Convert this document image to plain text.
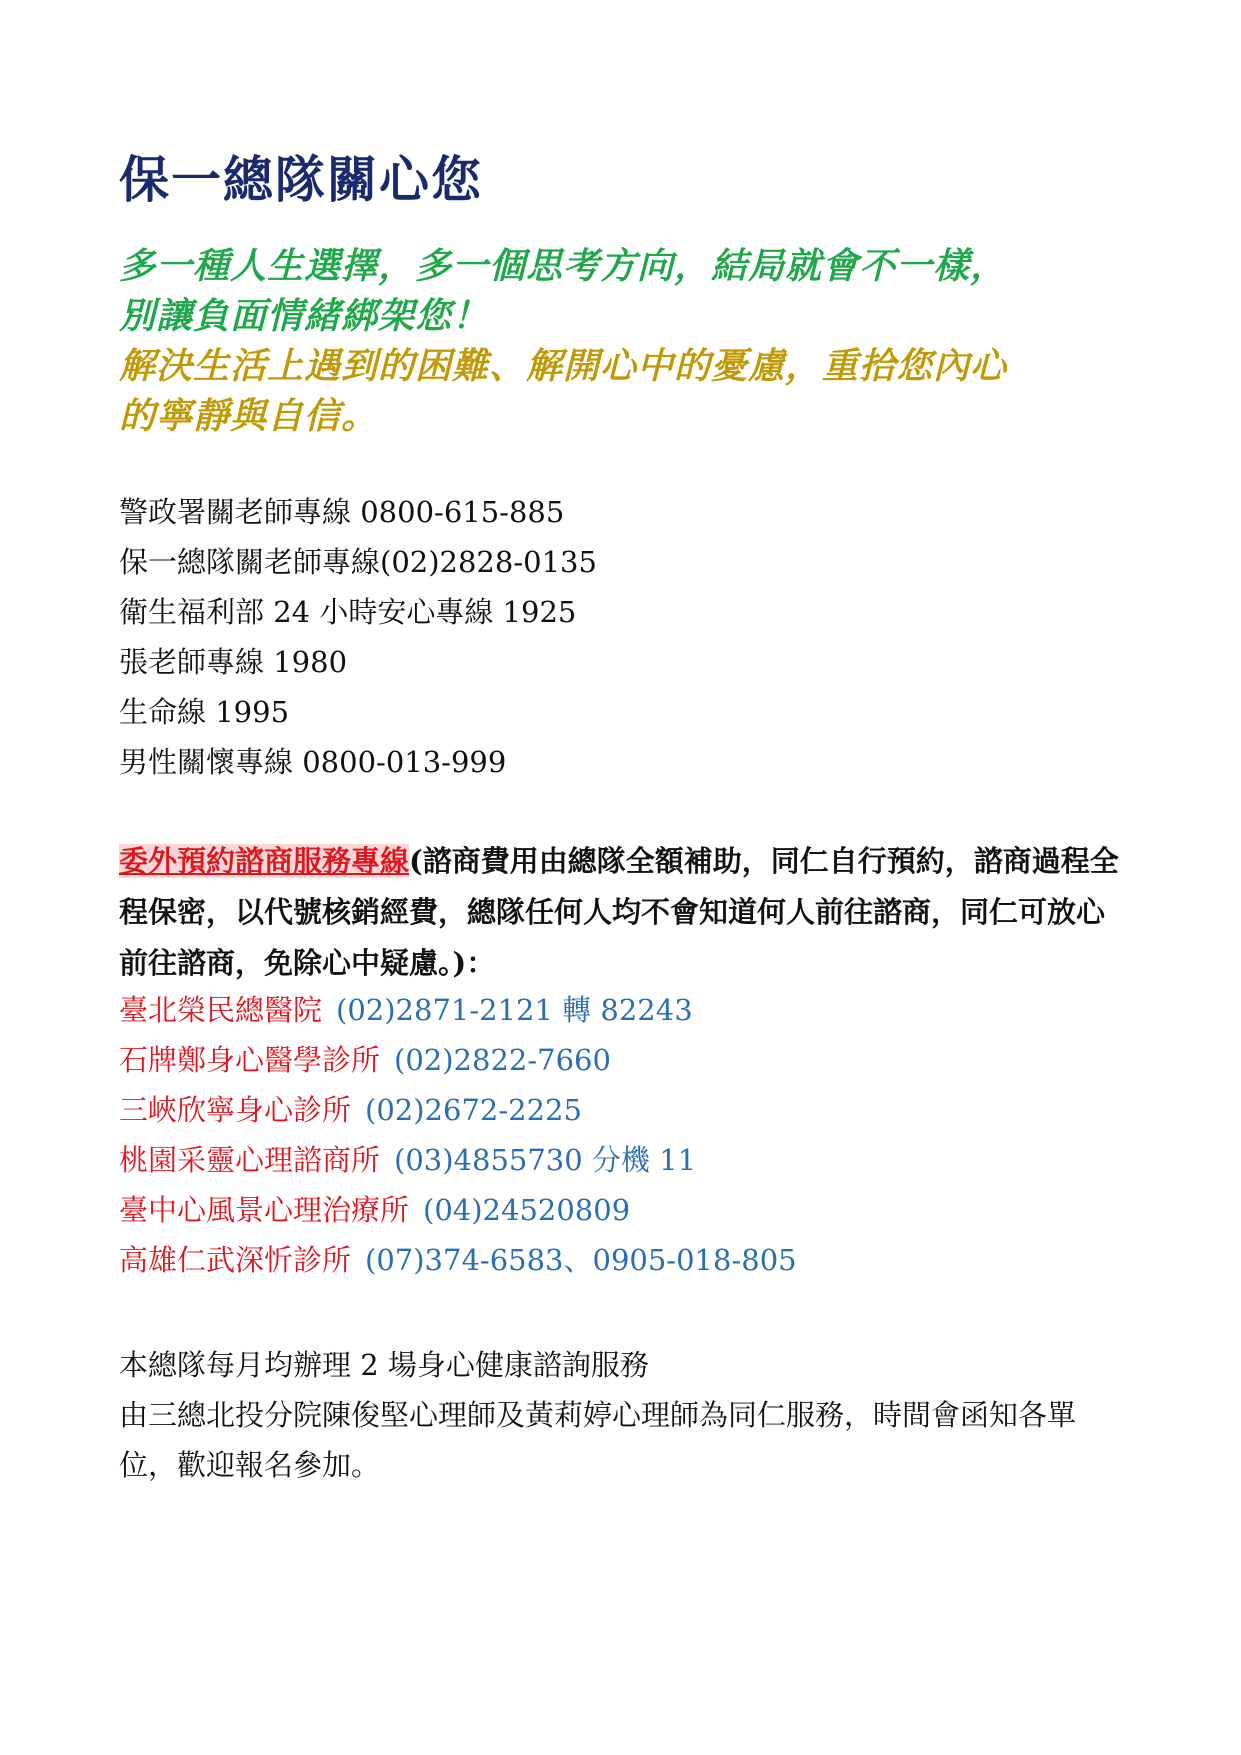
保一總隊關心您
多一種人生選擇，多一個思考方向，結局就會不一樣，
別讓負面情緒綁架您！
解決生活上遇到的困難、解開心中的憂慮，重拾您內心
的寧靜與自信。
警政署關老師專線 0800-615-885
保一總隊關老師專線(02)2828-0135
衛生福利部 24 小時安心專線 1925
張老師專線 1980
生命線 1995
男性關懷專線 0800-013-999
委外預約諮商服務專線(諮商費用由總隊全額補助，同仁自行預約，諮商過程全程保密，以代號核銷經費，總隊任何人均不會知道何人前往諮商，同仁可放心前往諮商，免除心中疑慮。)：
臺北榮民總醫院 (02)2871-2121 轉 82243
石牌鄭身心醫學診所 (02)2822-7660
三峽欣寧身心診所 (02)2672-2225
桃園采靈心理諮商所 (03)4855730 分機 11
臺中心風景心理治療所 (04)24520809
高雄仁武深忻診所 (07)374-6583、0905-018-805
本總隊每月均辦理 2 場身心健康諮詢服務
由三總北投分院陳俊堅心理師及黃莉婷心理師為同仁服務，時間會函知各單位，歡迎報名參加。
